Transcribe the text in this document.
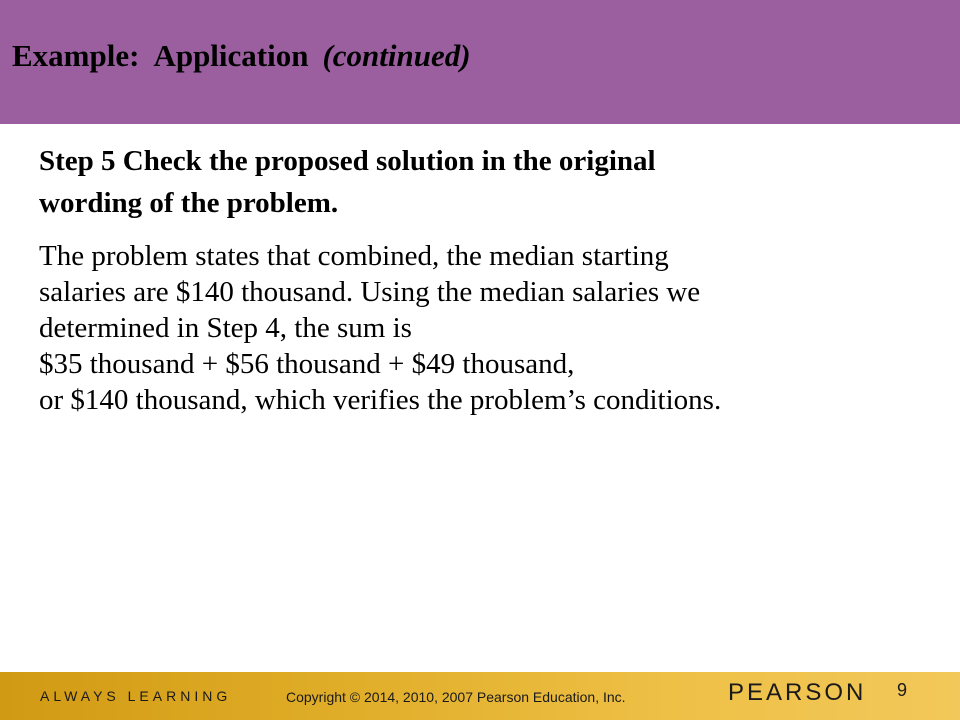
Example: Application (continued)
Step 5 Check the proposed solution in the original
wording of the problem.
The problem states that combined, the median starting
salaries are $140 thousand. Using the median salaries we
determined in Step 4, the sum is
$35 thousand + $56 thousand + $49 thousand,
or $140 thousand, which verifies the problem’s conditions.
ALWAYS LEARNING	Copyright © 2014, 2010, 2007 Pearson Education, Inc.	PEARSON 9
